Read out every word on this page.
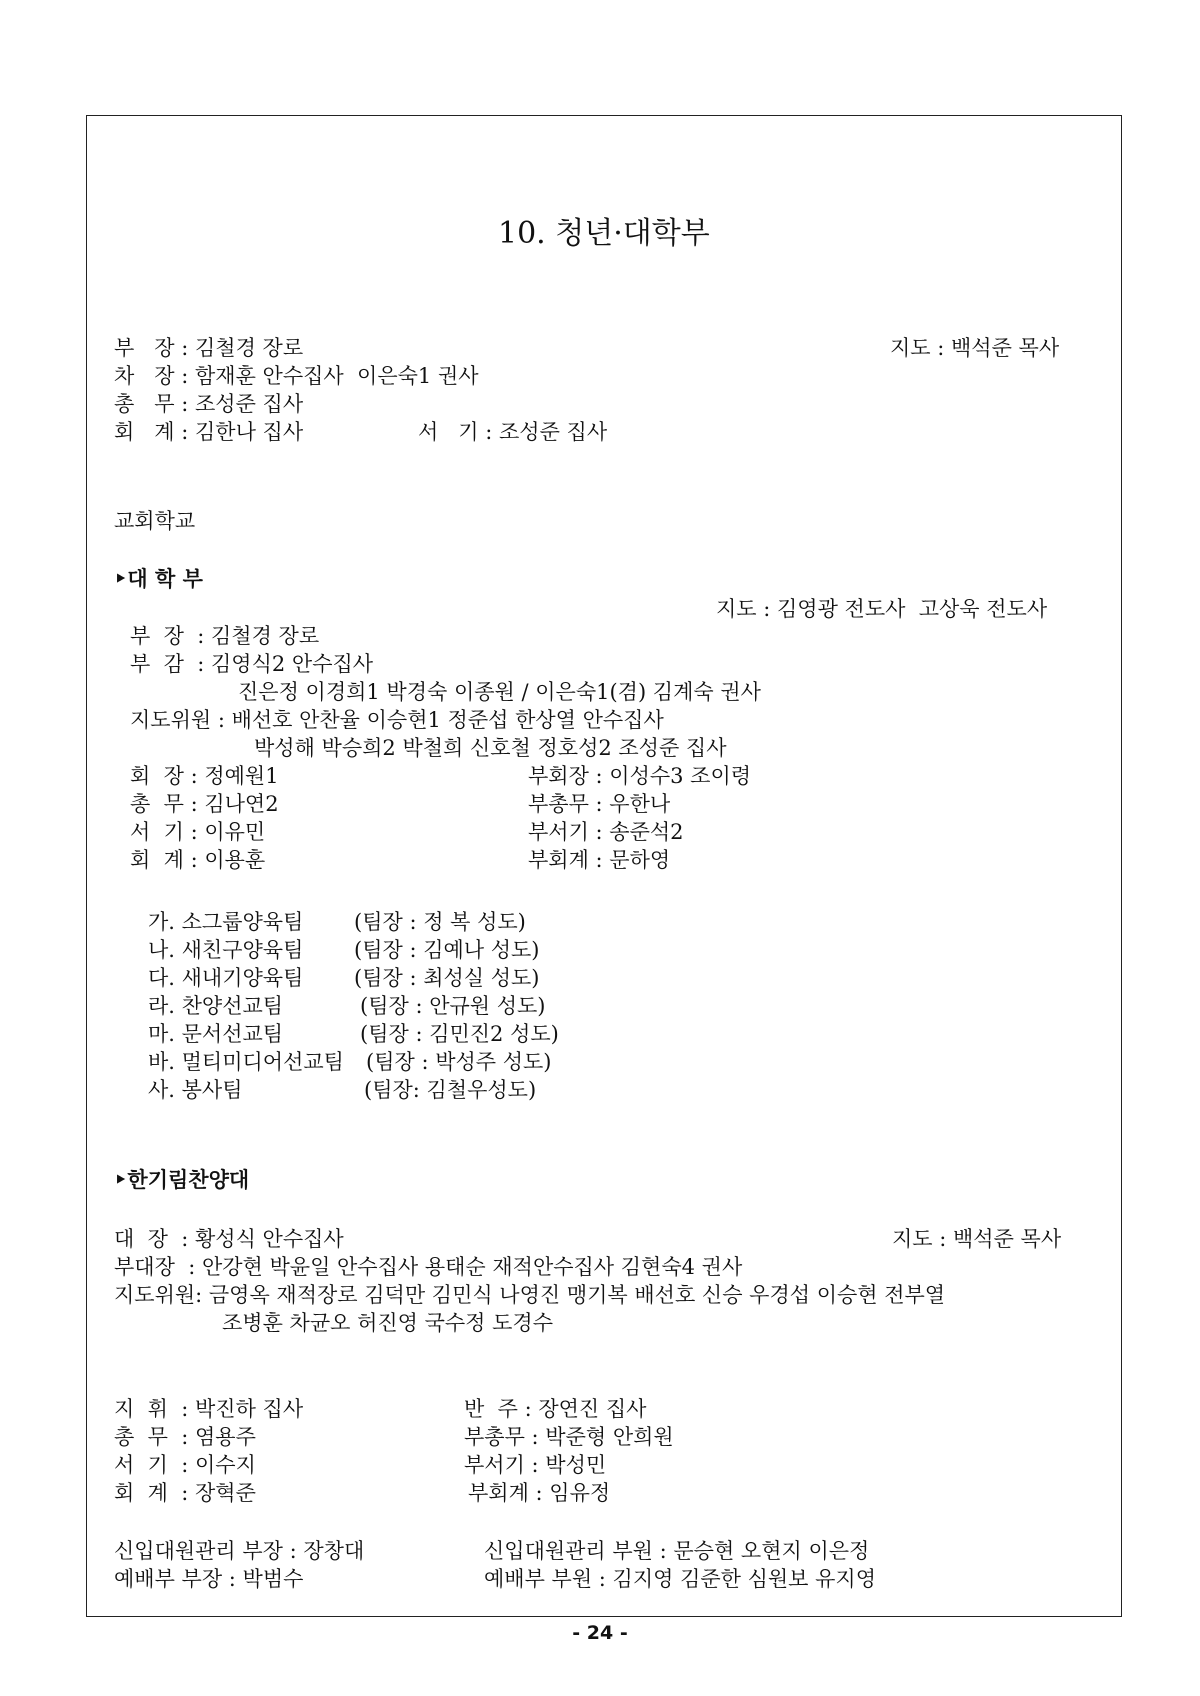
10. 청년·대학부
부   장 : 김철경 장로	지도 : 백석준 목사
차   장 : 함재훈 안수집사  이은숙1 권사
총   무 : 조성준 집사
회   계 : 김한나 집사	서   기 : 조성준 집사
교회학교
‣대 학 부
지도 : 김영광 전도사  고상욱 전도사
부  장  : 김철경 장로
부  감  : 김영식2 안수집사
진은정 이경희1 박경숙 이종원 / 이은숙1(겸) 김계숙 권사
지도위원 : 배선호 안찬율 이승현1 정준섭 한상열 안수집사
박성해 박승희2 박철희 신호철 정호성2 조성준 집사
회  장 : 정예원1	부회장 : 이성수3 조이령
총  무 : 김나연2	부총무 : 우한나
서  기 : 이유민	부서기 : 송준석2
회  계 : 이용훈	부회계 : 문하영
가. 소그룹양육팀 (팀장 : 정 복 성도)
나. 새친구양육팀 (팀장 : 김예나 성도)
다. 새내기양육팀 (팀장 : 최성실 성도)
라. 찬양선교팀	(팀장 : 안규원 성도)
마. 문서선교팀	(팀장 : 김민진2 성도)
바. 멀티미디어선교팀 (팀장 : 박성주 성도)
사. 봉사팀	(팀장: 김철우성도)
‣한기림찬양대
대  장  : 황성식 안수집사	지도 : 백석준 목사
부대장  : 안강현 박윤일 안수집사 용태순 재적안수집사 김현숙4 권사
지도위원: 금영옥 재적장로 김덕만 김민식 나영진 맹기복 배선호 신승 우경섭 이승현 전부열
조병훈 차균오 허진영 국수정 도경수
지  휘  : 박진하 집사	반  주 : 장연진 집사
총  무  : 염용주	부총무 : 박준형 안희원
서  기  : 이수지	부서기 : 박성민
회  계  : 장혁준	부회계 : 임유정
신입대원관리 부장 : 장창대	신입대원관리 부원 : 문승현 오현지 이은정
예배부 부장 : 박범수	예배부 부원 : 김지영 김준한 심원보 유지영
- 24 -
